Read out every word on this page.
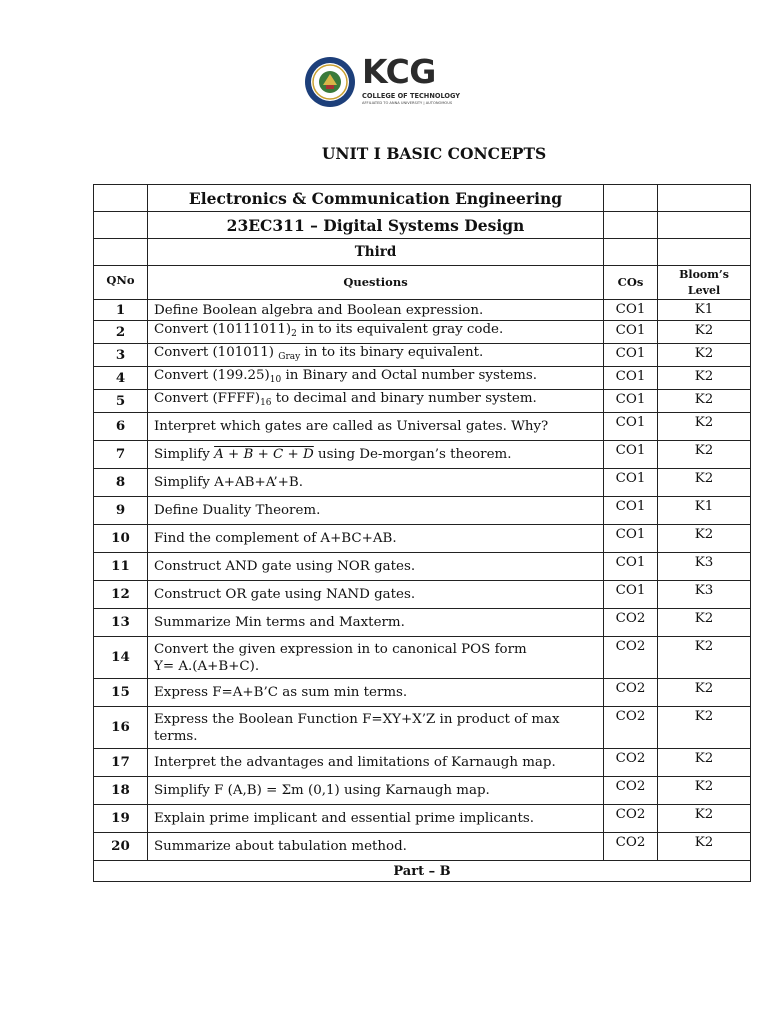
KCG
COLLEGE OF TECHNOLOGY
AFFILIATED TO ANNA UNIVERSITY | AUTONOMOUS
UNIT I BASIC CONCEPTS
	Electronics & Communication Engineering		
	23EC311 – Digital Systems Design		
	Third		
QNo	Questions	COs	Bloom’s Level
1	Define Boolean algebra and Boolean expression.	CO1	K1
2	Convert $(10111011)_2$ in to its equivalent gray code.	CO1	K2
3	Convert (101011) $_{Gray}$ in to its binary equivalent.	CO1	K2
4	Convert $(199.25)_{10}$ in Binary and Octal number systems.	CO1	K2
5	Convert $(FFFF)_{16}$ to decimal and binary number system.	CO1	K2
6	Interpret which gates are called as Universal gates. Why?	CO1	K2
7	Simplify A + B + C + D using De-morgan’s theorem.	CO1	K2
8	Simplify A+AB+A’+B.	CO1	K2
9	Define Duality Theorem.	CO1	K1
10	Find the complement of A+BC+AB.	CO1	K2
11	Construct AND gate using NOR gates.	CO1	K3
12	Construct OR gate using NAND gates.	CO1	K3
13	Summarize Min terms and Maxterm.	CO2	K2
14	Convert the given expression in to canonical POS form
Y= A.(A+B+C).	CO2	K2
15	Express F=A+B’C as sum min terms.	CO2	K2
16	Express the Boolean Function F=XY+X’Z in product of max
terms.	CO2	K2
17	Interpret the advantages and limitations of Karnaugh map.	CO2	K2
18	Simplify F (A,B) = Σm (0,1) using Karnaugh map.	CO2	K2
19	Explain prime implicant and essential prime implicants.	CO2	K2
20	Summarize about tabulation method.	CO2	K2
Part – B			
